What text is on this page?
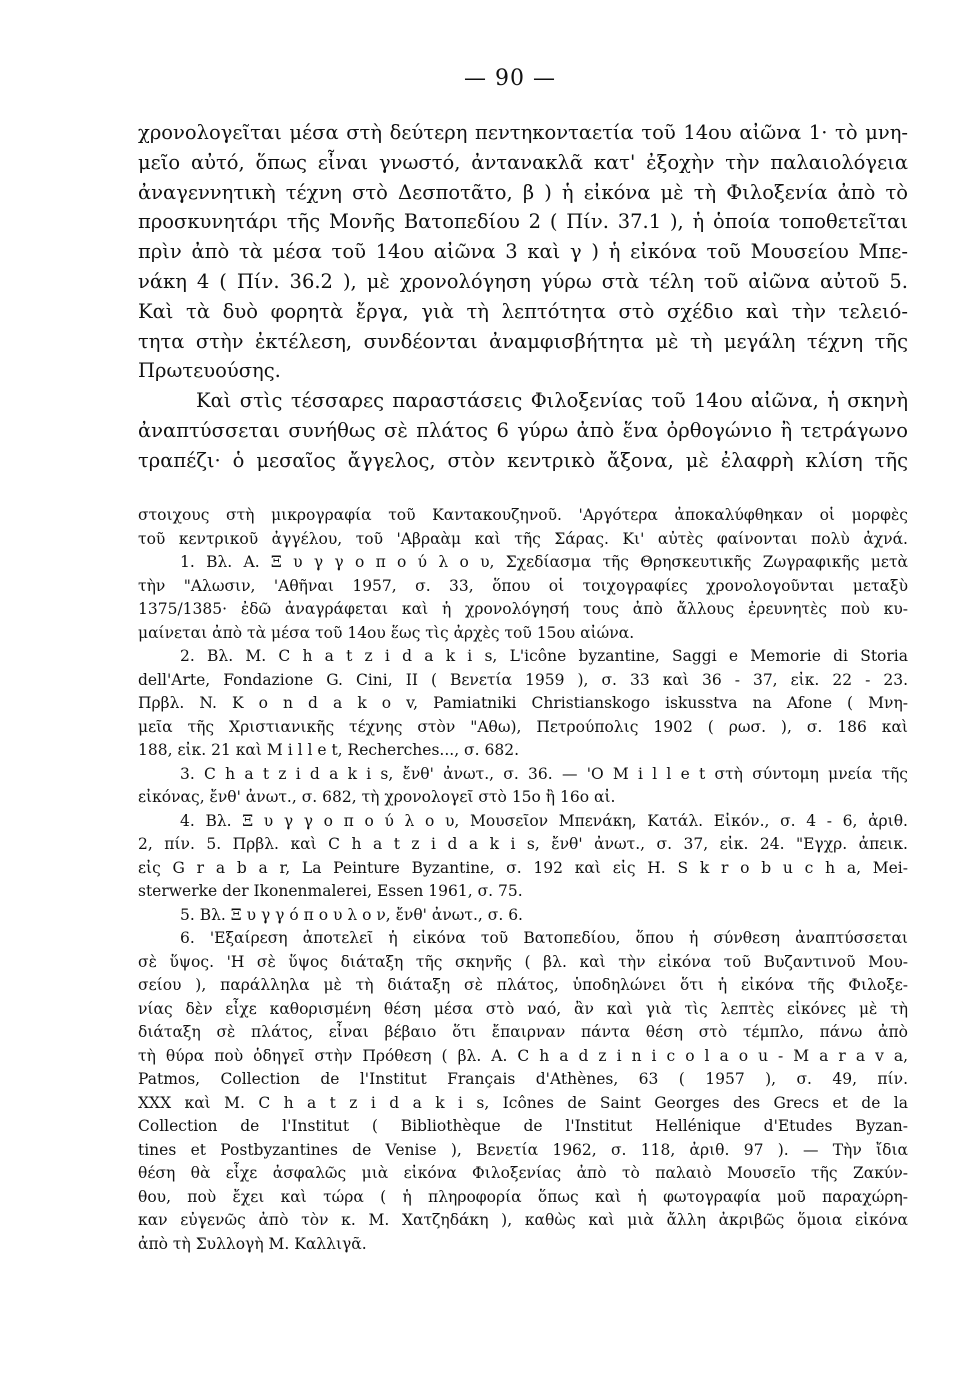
— 90 —
χρονολογεῖται μέσα στὴ δεύτερη πεντηκονταετία τοῦ 14ου αἰῶνα 1· τὸ μνη-
μεῖο αὐτό, ὅπως εἶναι γνωστό, ἀντανακλᾶ κατ' ἐξοχὴν τὴν παλαιολόγεια
ἀναγεννητικὴ τέχνη στὸ Δεσποτᾶτο, β ) ἡ εἰκόνα μὲ τὴ Φιλοξενία ἀπὸ τὸ
προσκυνητάρι τῆς Μονῆς Βατοπεδίου 2 ( Πίν. 37.1 ), ἡ ὁποία τοποθετεῖται
πρὶν ἀπὸ τὰ μέσα τοῦ 14ου αἰῶνα 3 καὶ γ ) ἡ εἰκόνα τοῦ Μουσείου Μπε-
νάκη 4 ( Πίν. 36.2 ), μὲ χρονολόγηση γύρω στὰ τέλη τοῦ αἰῶνα αὐτοῦ 5.
Καὶ τὰ δυὸ φορητὰ ἔργα, γιὰ τὴ λεπτότητα στὸ σχέδιο καὶ τὴν τελειό-
τητα στὴν ἐκτέλεση, συνδέονται ἀναμφισβήτητα μὲ τὴ μεγάλη τέχνη τῆς
Πρωτευούσης.
Καὶ στὶς τέσσαρες παραστάσεις Φιλοξενίας τοῦ 14ου αἰῶνα, ἡ σκηνὴ
ἀναπτύσσεται συνήθως σὲ πλάτος 6 γύρω ἀπὸ ἕνα ὀρθογώνιο ἢ τετράγωνο
τραπέζι· ὁ μεσαῖος ἄγγελος, στὸν κεντρικὸ ἄξονα, μὲ ἐλαφρὴ κλίση τῆς
στοιχους στὴ μικρογραφία τοῦ Καντακουζηνοῦ. 'Αργότερα ἀποκαλύφθηκαν οἱ μορφὲς
τοῦ κεντρικοῦ ἀγγέλου, τοῦ 'Αβραὰμ καὶ τῆς Σάρας. Κι' αὐτὲς φαίνονται πολὺ ἀχνά.
1. Βλ. Α. Ξ υ γ γ ο π ο ύ λ ο υ, Σχεδίασμα τῆς Θρησκευτικῆς Ζωγραφικῆς μετὰ
τὴν "Αλωσιν, 'Αθῆναι 1957, σ. 33, ὅπου οἱ τοιχογραφίες χρονολογοῦνται μεταξὺ
1375/1385· ἐδῶ ἀναγράφεται καὶ ἡ χρονολόγησή τους ἀπὸ ἄλλους ἐρευνητὲς ποὺ κυ-
μαίνεται ἀπὸ τὰ μέσα τοῦ 14ου ἕως τὶς ἀρχὲς τοῦ 15ου αἰώνα.
2. Βλ. M. C h a t z i d a k i s, L'icône byzantine, Saggi e Memorie di Storia
dell'Arte, Fondazione G. Cini, II ( Βενετία 1959 ), σ. 33 καὶ 36 - 37, εἰκ. 22 - 23.
Πρβλ. N. K o n d a k o v, Pamiatniki Christianskogo iskusstva na Afone ( Μνη-
μεῖα τῆς Χριστιανικῆς τέχνης στὸν "Αθω), Πετρούπολις 1902 ( ρωσ. ), σ. 186 καὶ
188, εἰκ. 21 καὶ M i l l e t, Recherches..., σ. 682.
3. C h a t z i d a k i s, ἔνθ' ἀνωτ., σ. 36. — 'Ο M i l l e t στὴ σύντομη μνεία τῆς
εἰκόνας, ἔνθ' ἀνωτ., σ. 682, τὴ χρονολογεῖ στὸ 15ο ἢ 16ο αἰ.
4. Βλ. Ξ υ γ γ ο π ο ύ λ ο υ, Μουσεῖον Μπενάκη, Κατάλ. Εἰκόν., σ. 4 - 6, ἀριθ.
2, πίν. 5. Πρβλ. καὶ C h a t z i d a k i s, ἔνθ' ἀνωτ., σ. 37, εἰκ. 24. "Εγχρ. ἀπεικ.
εἰς G r a b a r, La Peinture Byzantine, σ. 192 καὶ εἰς H. S k r o b u c h a, Mei-
sterwerke der Ikonenmalerei, Essen 1961, σ. 75.
5. Βλ. Ξ υ γ γ ό π ο υ λ ο ν, ἔνθ' ἀνωτ., σ. 6.
6. 'Εξαίρεση ἀποτελεῖ ἡ εἰκόνα τοῦ Βατοπεδίου, ὅπου ἡ σύνθεση ἀναπτύσσεται
σὲ ὕψος. 'Η σὲ ὕψος διάταξη τῆς σκηνῆς ( βλ. καὶ τὴν εἰκόνα τοῦ Βυζαντινοῦ Μου-
σείου ), παράλληλα μὲ τὴ διάταξη σὲ πλάτος, ὑποδηλώνει ὅτι ἡ εἰκόνα τῆς Φιλοξε-
νίας δὲν εἶχε καθορισμένη θέση μέσα στὸ ναό, ἂν καὶ γιὰ τὶς λεπτὲς εἰκόνες μὲ τὴ
διάταξη σὲ πλάτος, εἶναι βέβαιο ὅτι ἔπαιρναν πάντα θέση στὸ τέμπλο, πάνω ἀπὸ
τὴ θύρα ποὺ ὁδηγεῖ στὴν Πρόθεση ( βλ. A. C h a d z i n i c o l a o u - M a r a v a,
Patmos, Collection de l'Institut Français d'Athènes, 63 ( 1957 ), σ. 49, πίν.
XXX καὶ M. C h a t z i d a k i s, Icônes de Saint Georges des Grecs et de la
Collection de l'Institut ( Bibliothèque de l'Institut Hellénique d'Etudes Byzan-
tines et Postbyzantines de Venise ), Βενετία 1962, σ. 118, ἀριθ. 97 ). — Τὴν ἴδια
θέση θὰ εἶχε ἀσφαλῶς μιὰ εἰκόνα Φιλοξενίας ἀπὸ τὸ παλαιὸ Μουσεῖο τῆς Ζακύν-
θου, ποὺ ἔχει καὶ τώρα ( ἡ πληροφορία ὅπως καὶ ἡ φωτογραφία μοῦ παραχώρη-
καν εὐγενῶς ἀπὸ τὸν κ. Μ. Χατζηδάκη ), καθὼς καὶ μιὰ ἄλλη ἀκριβῶς ὅμοια εἰκόνα
ἀπὸ τὴ Συλλογὴ Μ. Καλλιγᾶ.
